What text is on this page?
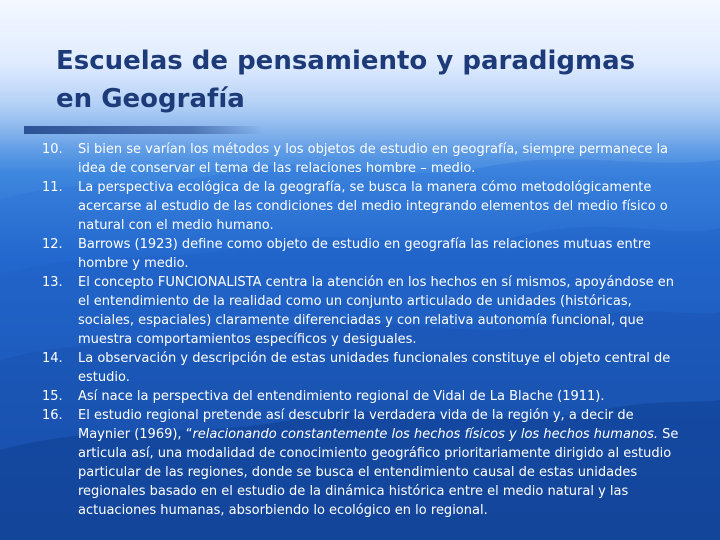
Escuelas de pensamiento y paradigmas
en Geografía
10. Si bien se varían los métodos y los objetos de estudio en geografía, siempre permanece la idea de conservar el tema de las relaciones hombre – medio.
11. La perspectiva ecológica de la geografía, se busca la manera cómo metodológicamente acercarse al estudio de las condiciones del medio integrando elementos del medio físico o natural con el medio humano.
12. Barrows (1923) define como objeto de estudio en geografía las relaciones mutuas entre hombre y medio.
13. El concepto FUNCIONALISTA centra la atención en los hechos en sí mismos, apoyándose en el entendimiento de la realidad como un conjunto articulado de unidades (históricas, sociales, espaciales) claramente diferenciadas y con relativa autonomía funcional, que muestra comportamientos específicos y desiguales.
14. La observación y descripción de estas unidades funcionales constituye el objeto central de estudio.
15. Así nace la perspectiva del entendimiento regional de Vidal de La Blache (1911).
16. El estudio regional pretende así descubrir la verdadera vida de la región y, a decir de Maynier (1969), “relacionando constantemente los hechos físicos y los hechos humanos. Se articula así, una modalidad de conocimiento geográfico prioritariamente dirigido al estudio particular de las regiones, donde se busca el entendimiento causal de estas unidades regionales basado en el estudio de la dinámica histórica entre el medio natural y las actuaciones humanas, absorbiendo lo ecológico en lo regional.
